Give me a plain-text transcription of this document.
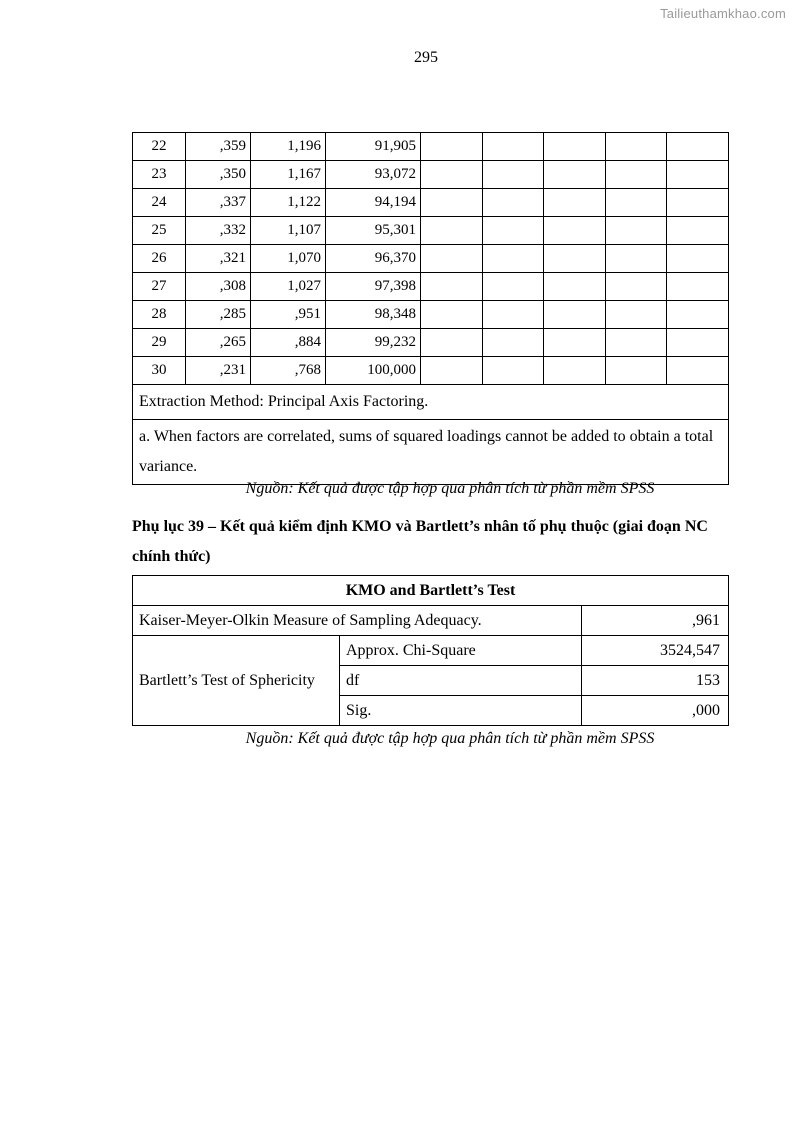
Tailieuthamkhao.com
295
22	,359	1,196	91,905					
23	,350	1,167	93,072					
24	,337	1,122	94,194					
25	,332	1,107	95,301					
26	,321	1,070	96,370					
27	,308	1,027	97,398					
28	,285	,951	98,348					
29	,265	,884	99,232					
30	,231	,768	100,000					
Extraction Method: Principal Axis Factoring.								
a. When factors are correlated, sums of squared loadings cannot be added to obtain a total variance.								
Nguồn: Kết quả được tập hợp qua phân tích từ phần mềm SPSS
Phụ lục 39 – Kết quả kiểm định KMO và Bartlett’s nhân tố phụ thuộc (giai đoạn NC chính thức)
KMO and Bartlett’s Test		
Kaiser-Meyer-Olkin Measure of Sampling Adequacy.		,961
Bartlett’s Test of Sphericity	Approx. Chi-Square	3524,547
	df	153
	Sig.	,000
Nguồn: Kết quả được tập hợp qua phân tích từ phần mềm SPSS
